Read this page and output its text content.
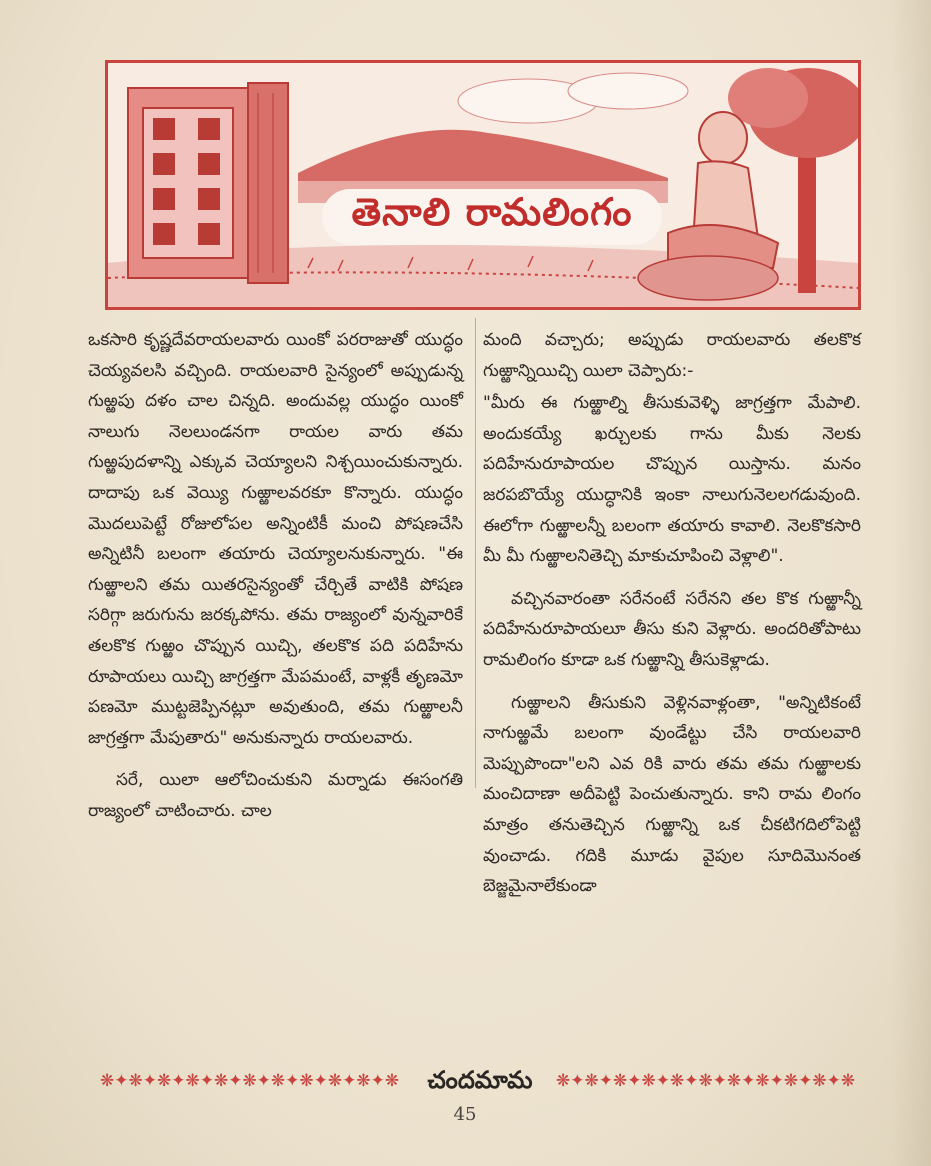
తెనాలి రామలింగం

ఒకసారి కృష్ణదేవరాయలవారు యింకో పరరాజుతో యుద్ధం చెయ్యవలసి వచ్చింది. రాయలవారి సైన్యంలో అప్పుడున్న గుఱ్ఱపు దళం చాల చిన్నది. అందువల్ల యుద్ధం యింకో నాలుగు నెలలుండనగా రాయల వారు తమ గుఱ్ఱపుదళాన్ని ఎక్కువ చెయ్యాలని నిశ్చయించుకున్నారు. దాదాపు ఒక వెయ్యి గుఱ్ఱాలవరకూ కొన్నారు. యుద్ధం మొదలుపెట్టే రోజులోపల అన్నింటికీ మంచి పోషణచేసి అన్నిటినీ బలంగా తయారు చెయ్యాలనుకున్నారు. "ఈ గుఱ్ఱాలని తమ యితరసైన్యంతో చేర్చితే వాటికి పోషణ సరిగ్గా జరుగును జరక్కపోను. తమ రాజ్యంలో వున్నవారికే తలకొక గుఱ్ఱం చొప్పున యిచ్చి, తలకొక పది పదిహేను రూపాయలు యిచ్చి జాగ్రత్తగా మేపమంటే, వాళ్లకీ తృణమో పణమో ముట్టజెప్పినట్లూ అవుతుంది, తమ గుఱ్ఱాలనీ జాగ్రత్తగా మేపుతారు" అనుకున్నారు రాయలవారు.

సరే, యిలా ఆలోచించుకుని మర్నాడు ఈసంగతి రాజ్యంలో చాటించారు. చాల

మంది వచ్చారు; అప్పుడు రాయలవారు తలకొక గుఱ్ఱాన్నియిచ్చి యిలా చెప్పారు:-

"మీరు ఈ గుఱ్ఱాల్ని తీసుకువెళ్ళి జాగ్రత్తగా మేపాలి. అందుకయ్యే ఖర్చులకు గాను మీకు నెలకు పదిహేనురూపాయల చొప్పున యిస్తాను. మనం జరపబొయ్యే యుద్ధానికి ఇంకా నాలుగునెలలగడువుంది. ఈలోగా గుఱ్ఱాలన్నీ బలంగా తయారు కావాలి. నెలకొకసారి మీ మీ గుఱ్ఱాలనితెచ్చి మాకుచూపించి వెళ్లాలి".

వచ్చినవారంతా సరేనంటే సరేనని తల కొక గుఱ్ఱాన్నీ పదిహేనురూపాయలూ తీసు కుని వెళ్లారు. అందరితోపాటు రామలింగం కూడా ఒక గుఱ్ఱాన్ని తీసుకెళ్లాడు.

గుఱ్ఱాలని తీసుకుని వెళ్లినవాళ్లంతా, "అన్నిటికంటే నాగుఱ్ఱమే బలంగా వుండేట్టు చేసి రాయలవారి మెప్పుపొందా"లని ఎవ రికి వారు తమ తమ గుఱ్ఱాలకు మంచిదాణా అదీపెట్టి పెంచుతున్నారు. కాని రామ లింగం మాత్రం తనుతెచ్చిన గుఱ్ఱాన్ని ఒక చీకటిగదిలోపెట్టి వుంచాడు. గదికి మూడు వైపుల సూదిమొనంత బెజ్జమైనాలేకుండా

❋✦❋✦❋✦❋✦❋✦❋✦❋✦❋✦❋✦❋✦❋	చందమామ	❋✦❋✦❋✦❋✦❋✦❋✦❋✦❋✦❋✦❋✦❋
45
